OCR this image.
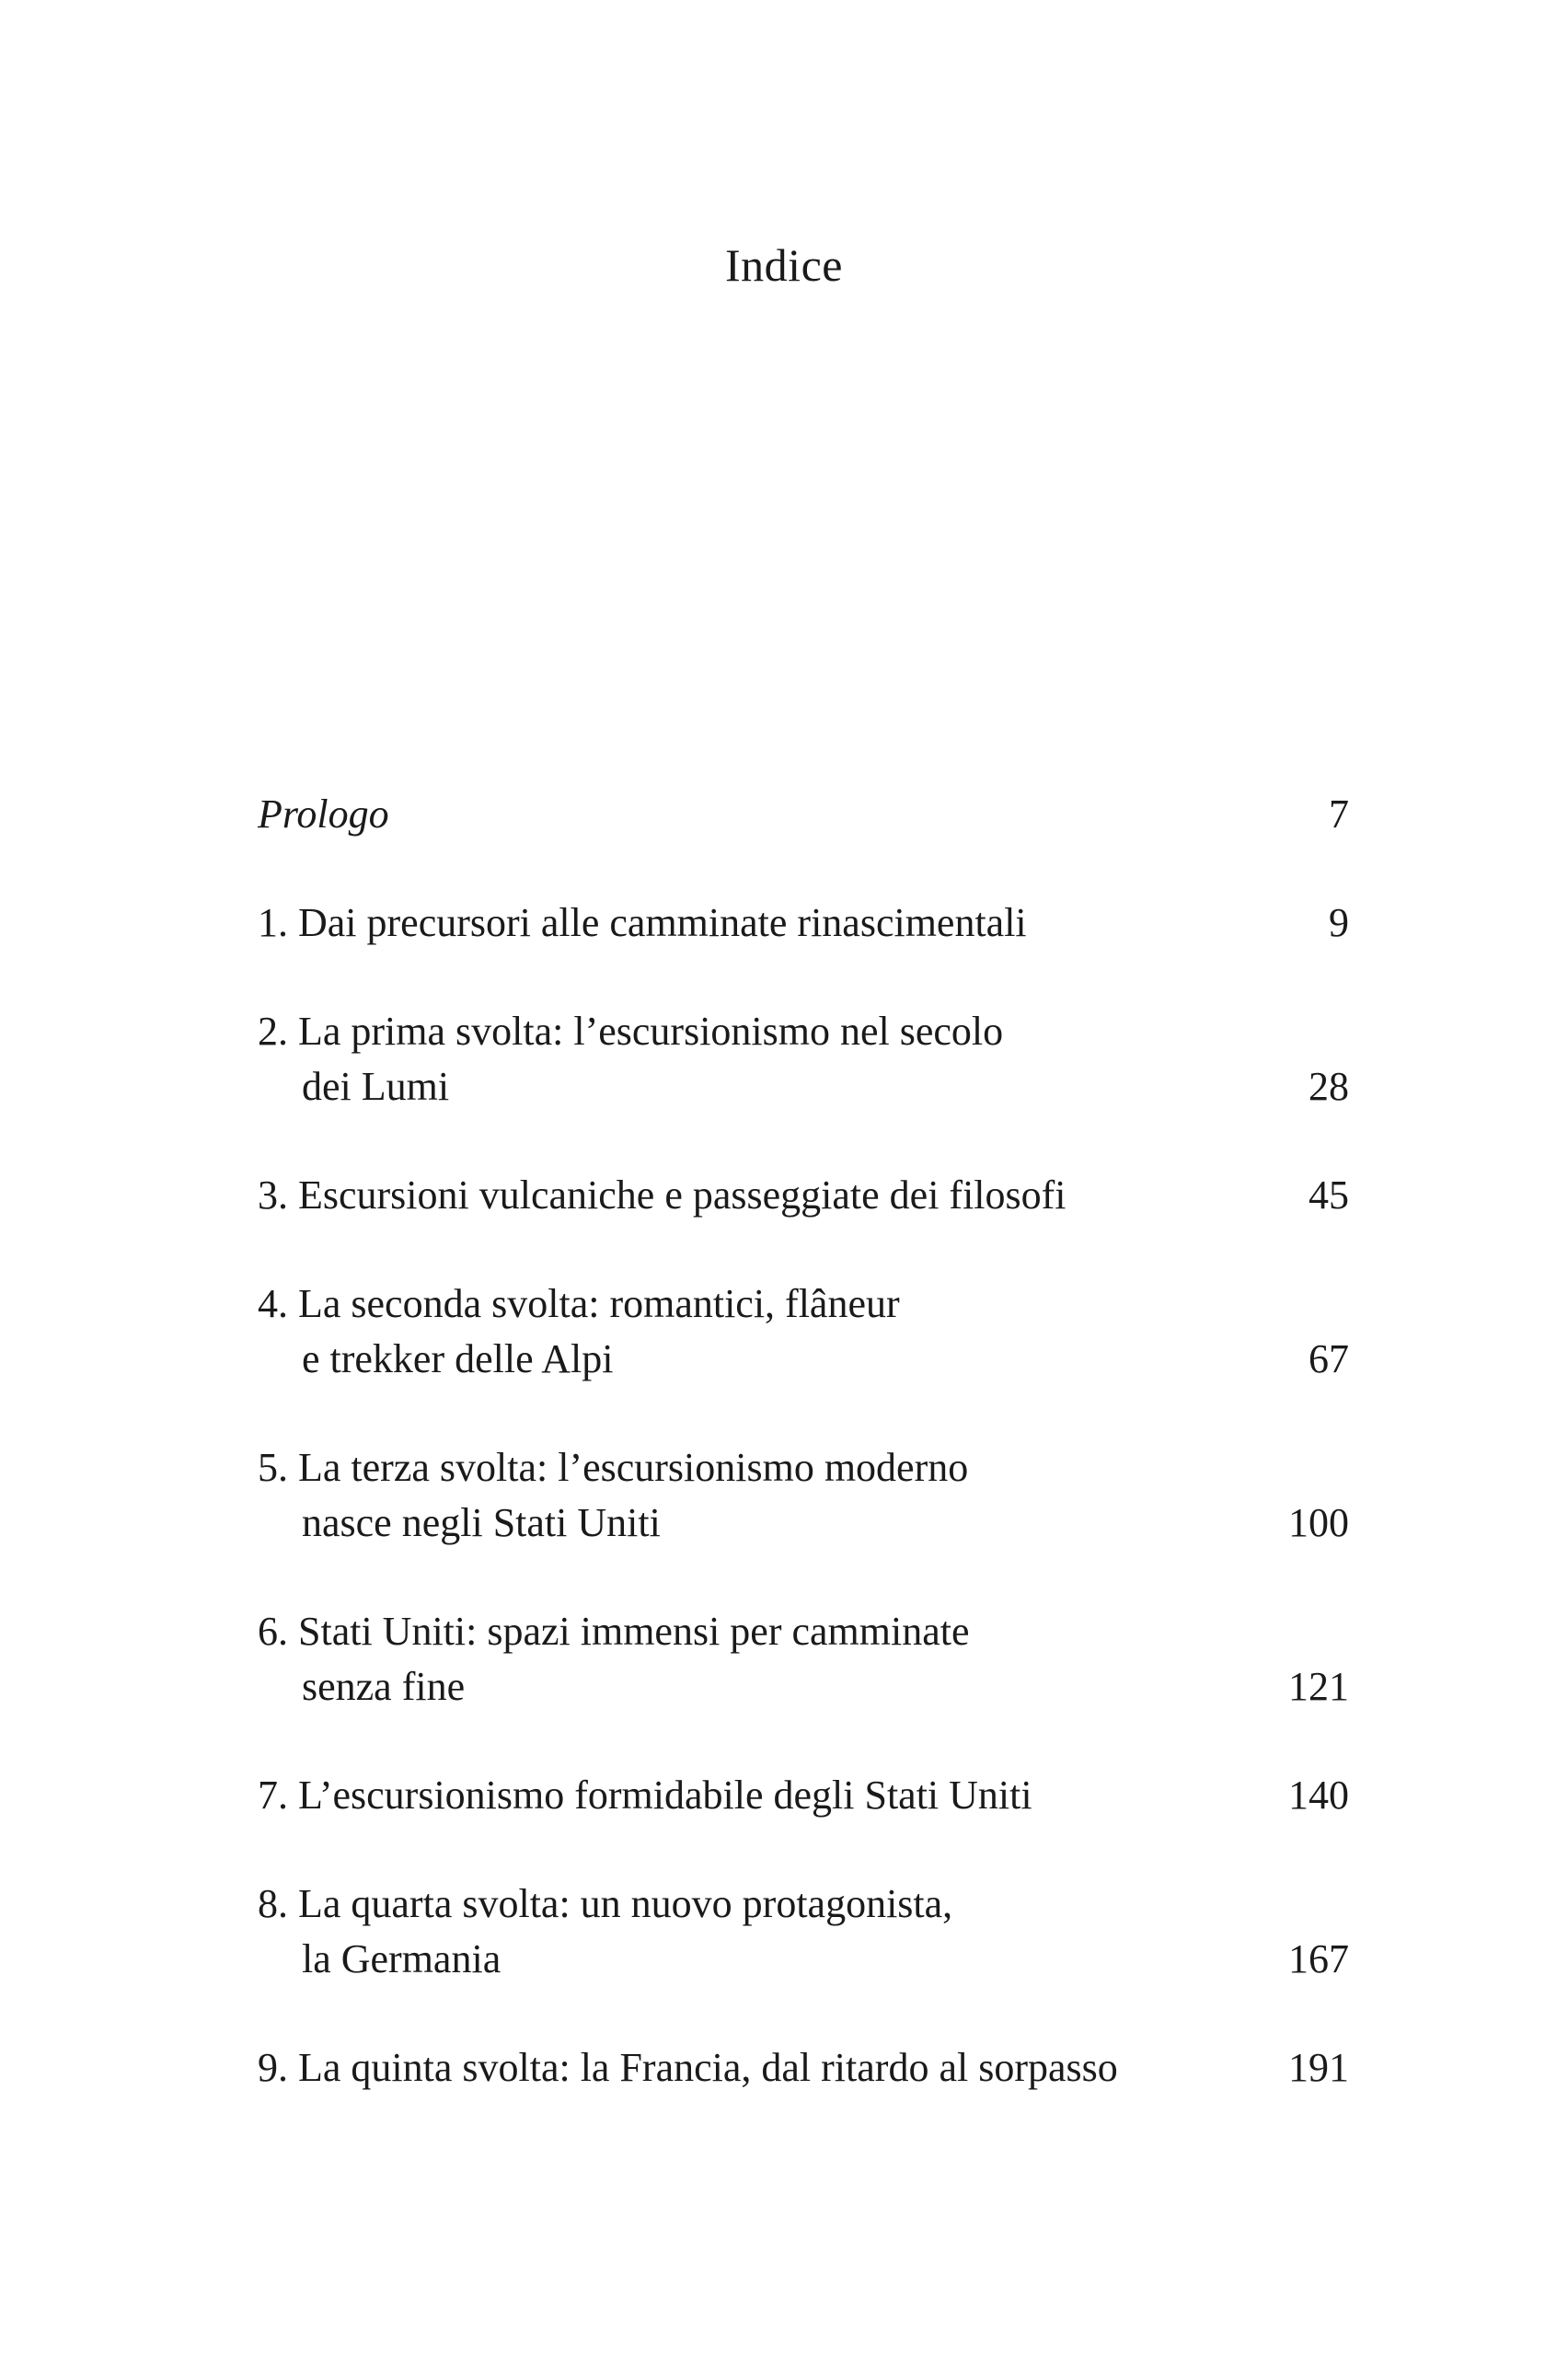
Indice
Prologo	7
1. Dai precursori alle camminate rinascimentali	9
2. La prima svolta: l’escursionismo nel secolo
dei Lumi	28
3. Escursioni vulcaniche e passeggiate dei filosofi	45
4. La seconda svolta: romantici, flâneur
e trekker delle Alpi	67
5. La terza svolta: l’escursionismo moderno
nasce negli Stati Uniti	100
6. Stati Uniti: spazi immensi per camminate
senza fine	121
7. L’escursionismo formidabile degli Stati Uniti	140
8. La quarta svolta: un nuovo protagonista,
la Germania	167
9. La quinta svolta: la Francia, dal ritardo al sorpasso	191
